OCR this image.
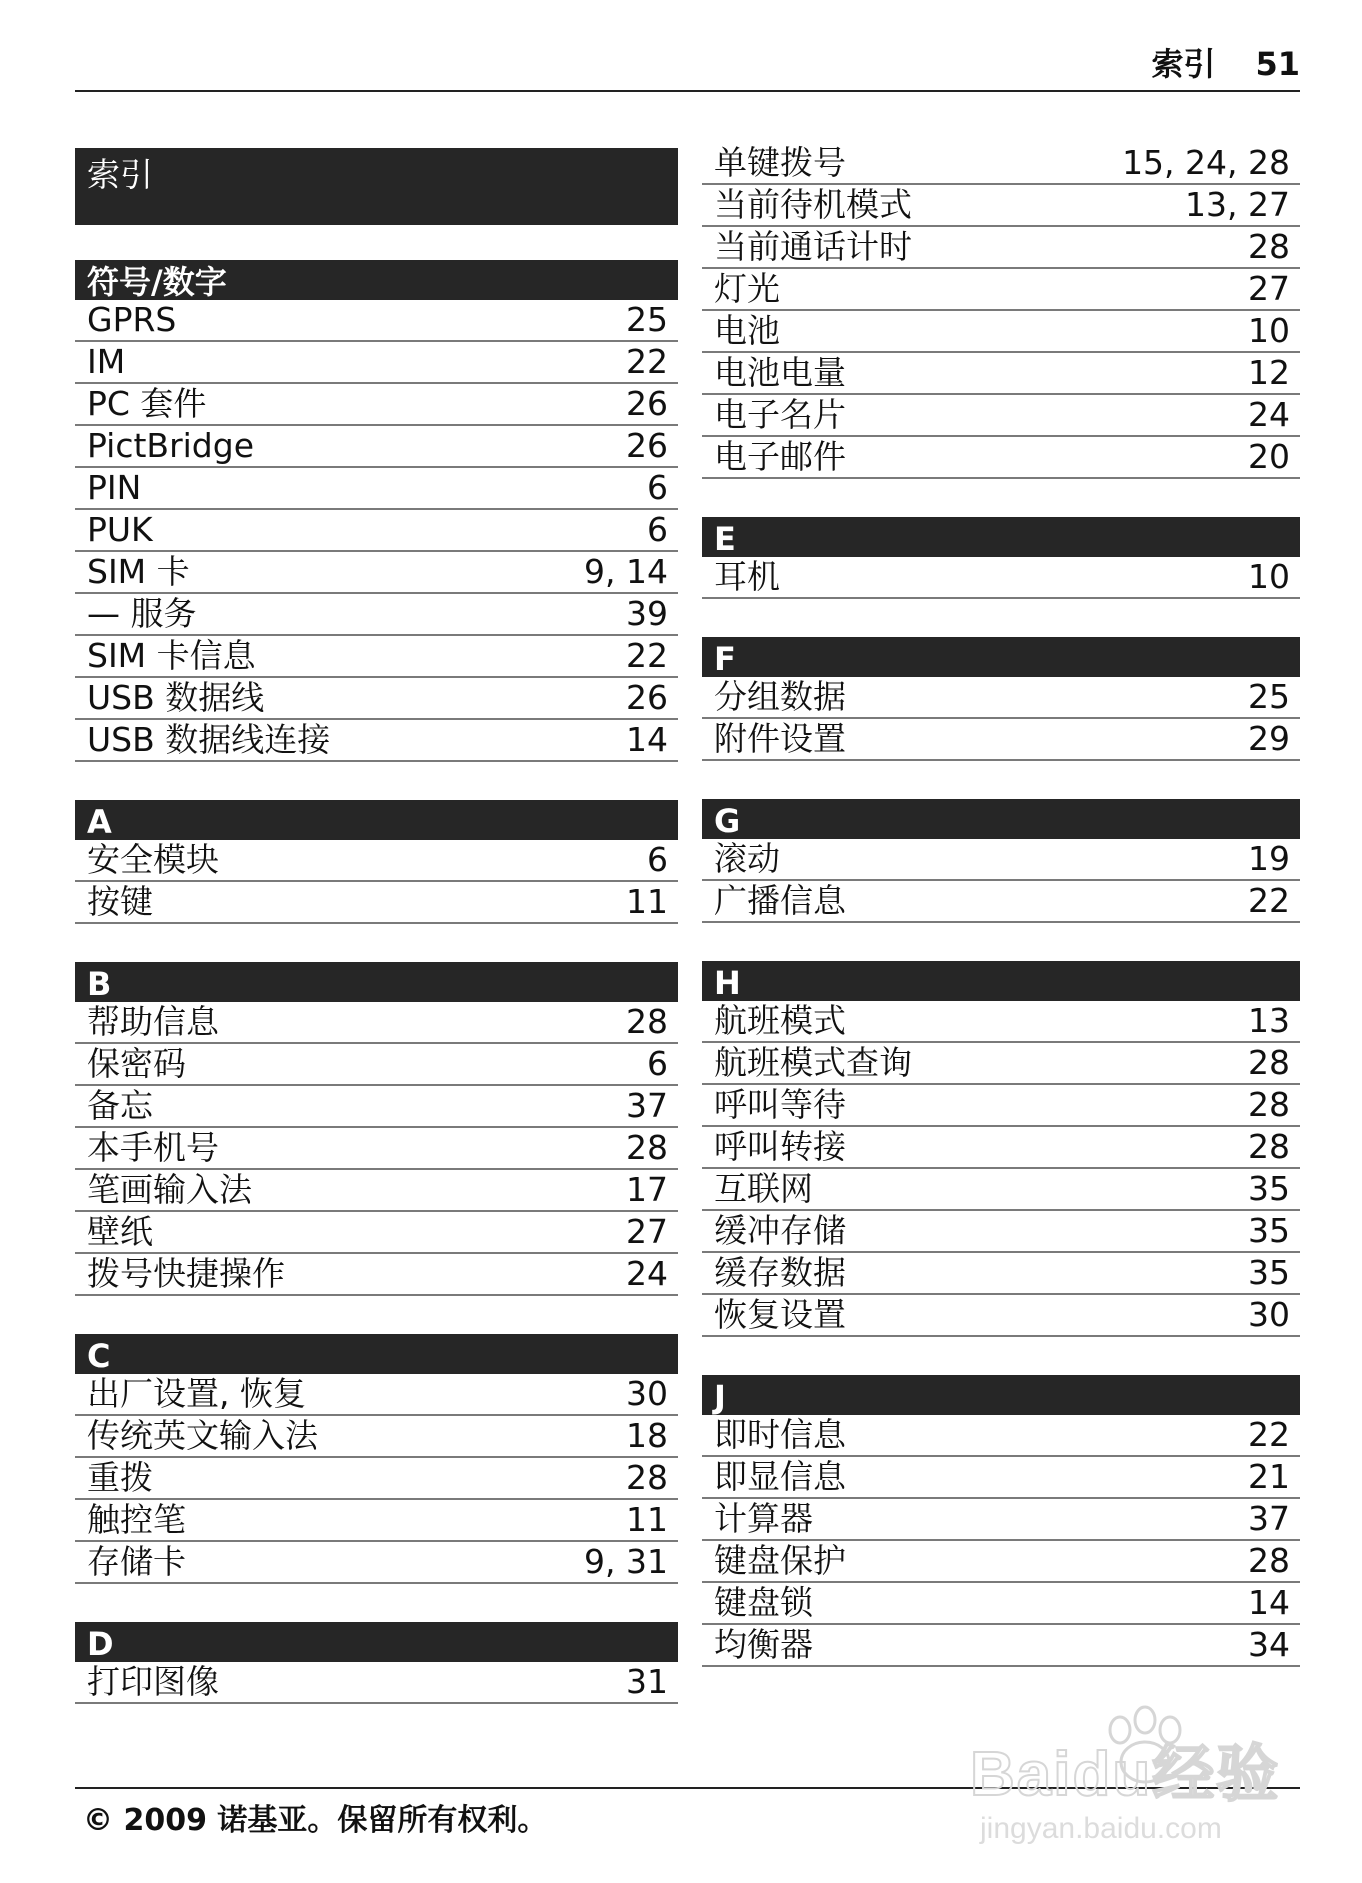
索引 51
索引
符号/数字
GPRS	25
IM	22
PC 套件	26
PictBridge	26
PIN	6
PUK	6
SIM 卡	9, 14
— 服务	39
SIM 卡信息	22
USB 数据线	26
USB 数据线连接	14
A
安全模块	6
按键	11
B
帮助信息	28
保密码	6
备忘	37
本手机号	28
笔画输入法	17
壁纸	27
拨号快捷操作	24
C
出厂设置, 恢复	30
传统英文输入法	18
重拨	28
触控笔	11
存储卡	9, 31
D
打印图像	31
单键拨号	15, 24, 28
当前待机模式	13, 27
当前通话计时	28
灯光	27
电池	10
电池电量	12
电子名片	24
电子邮件	20
E
耳机	10
F
分组数据	25
附件设置	29
G
滚动	19
广播信息	22
H
航班模式	13
航班模式查询	28
呼叫等待	28
呼叫转接	28
互联网	35
缓冲存储	35
缓存数据	35
恢复设置	30
J
即时信息	22
即显信息	21
计算器	37
键盘保护	28
键盘锁	14
均衡器	34
© 2009 诺基亚。保留所有权利。
Baidu经验
jingyan.baidu.com
